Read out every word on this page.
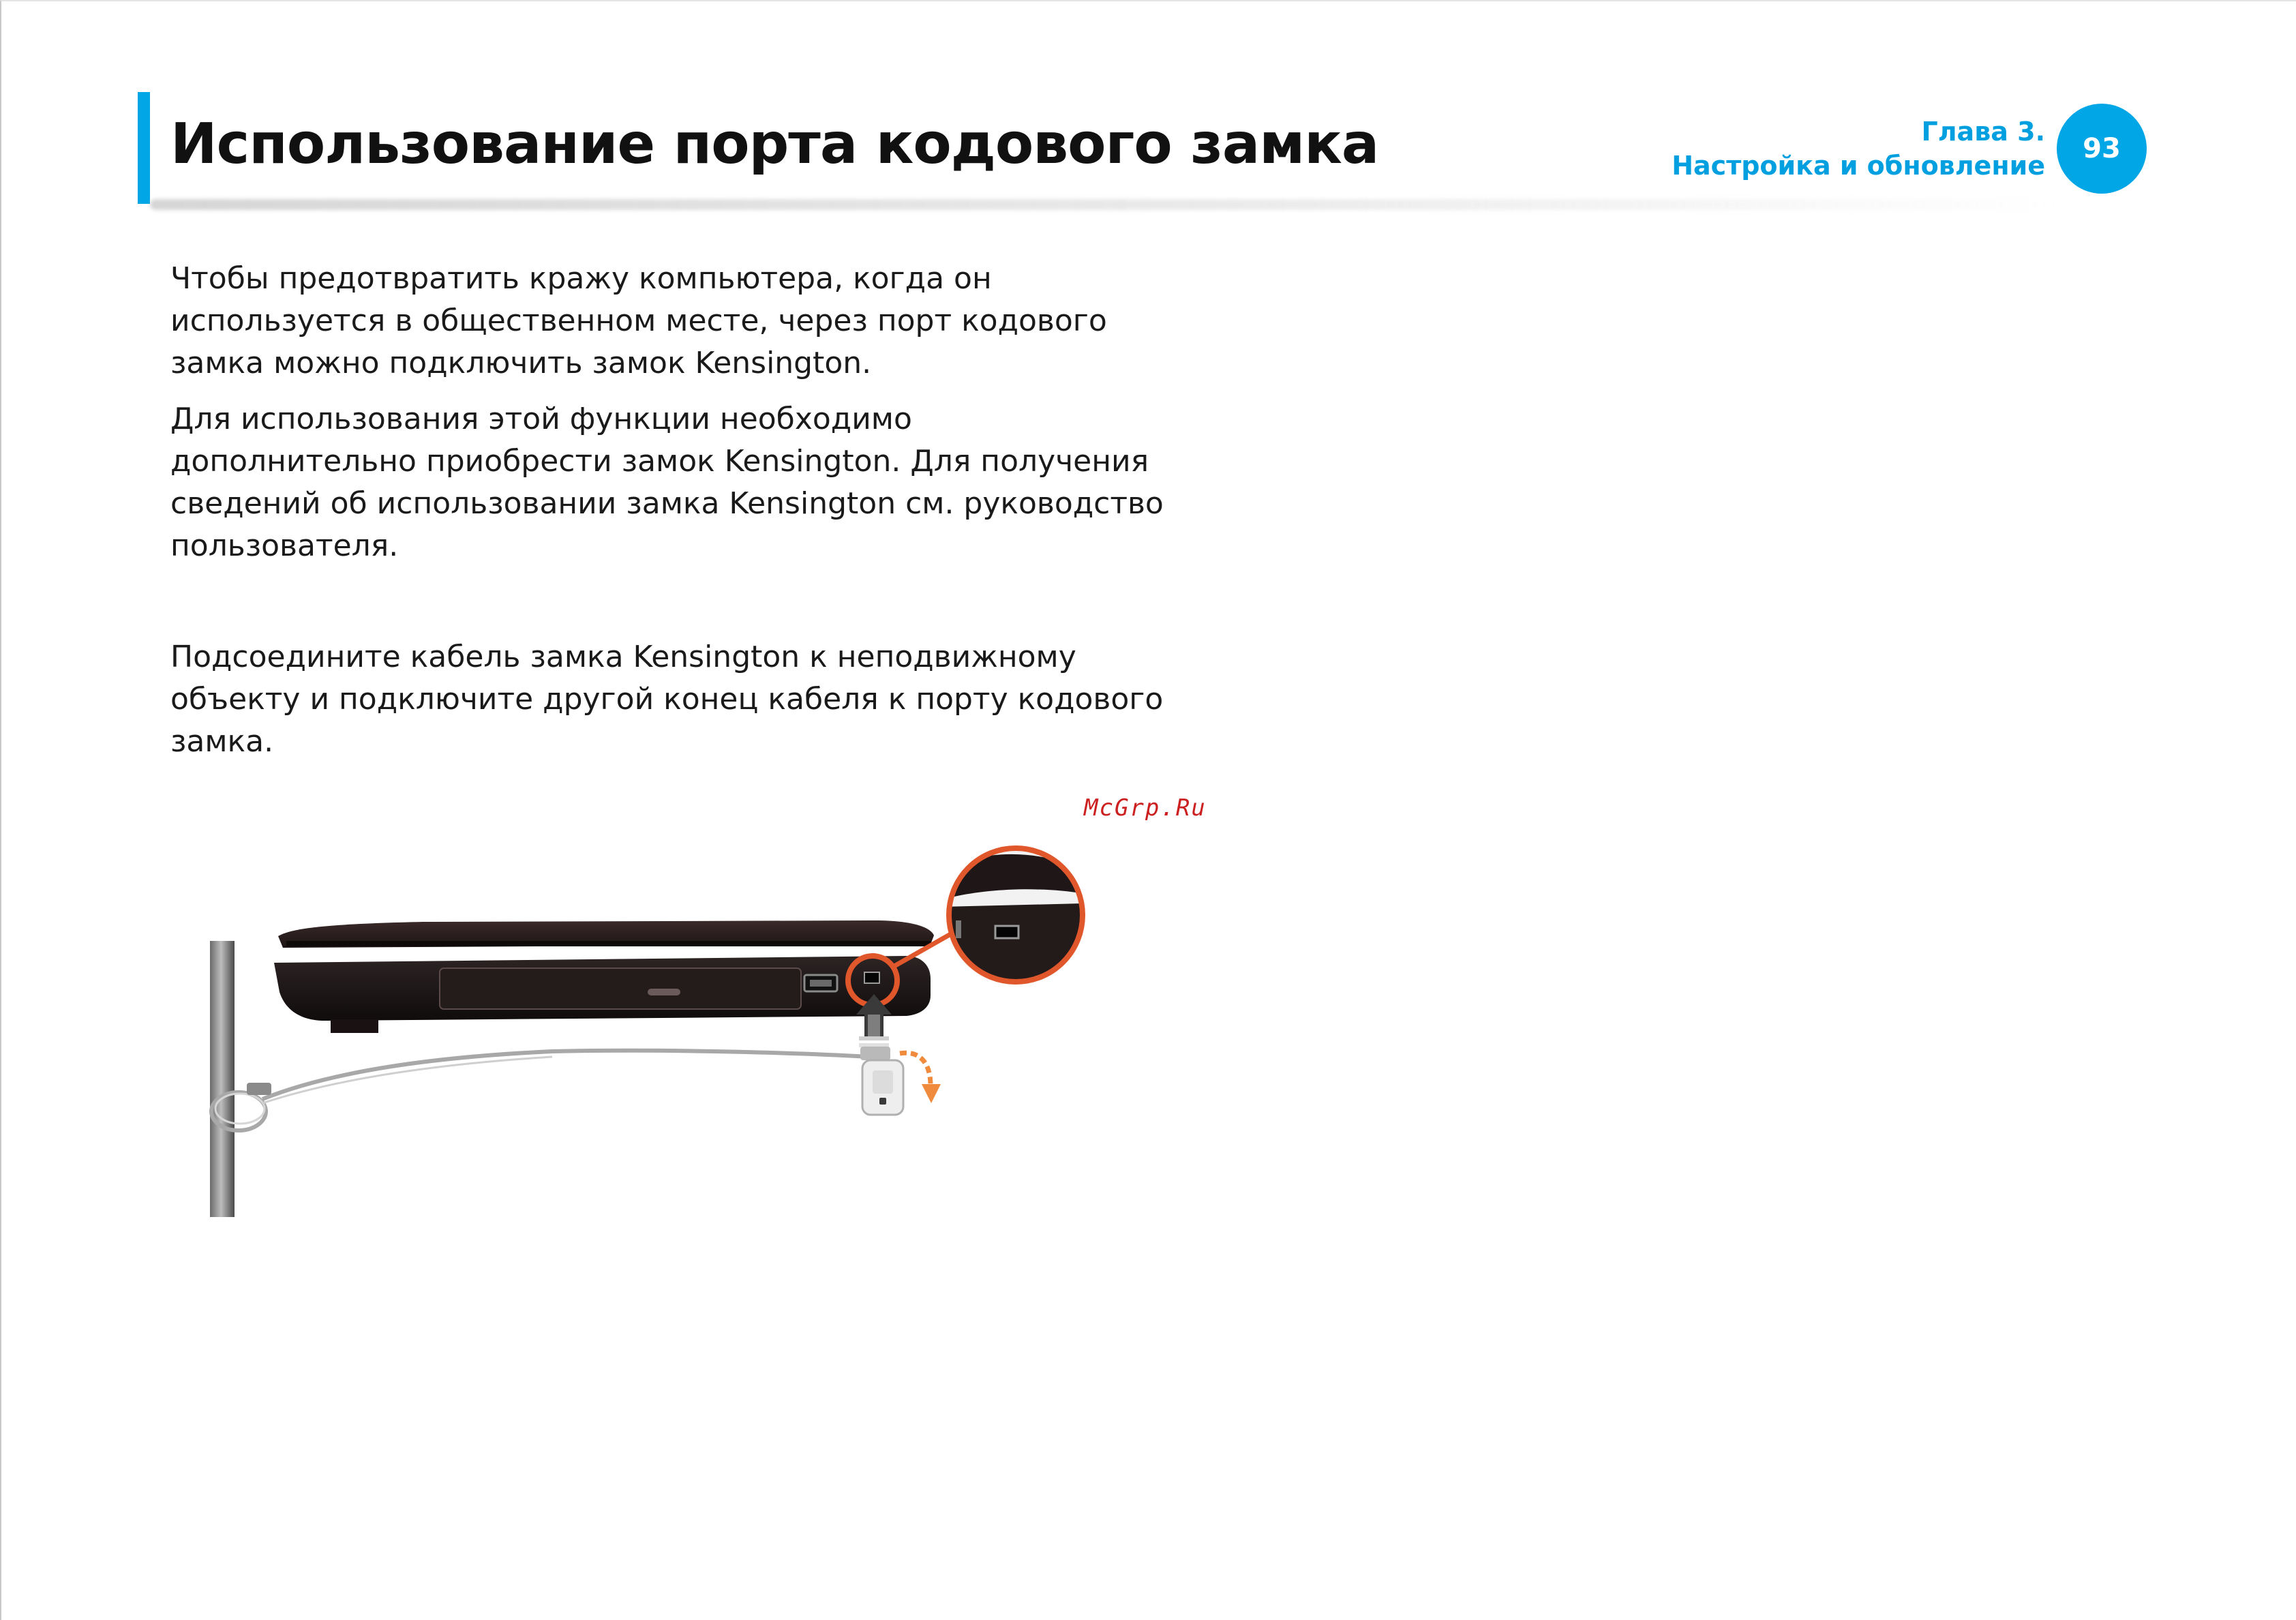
Использование порта кодового замка	Глава 3.
Настройка и обновление
93

Чтобы предотвратить кражу компьютера, когда он используется в общественном месте, через порт кодового замка можно подключить замок Kensington.

Для использования этой функции необходимо дополнительно приобрести замок Kensington. Для получения сведений об использовании замка Kensington см. руководство пользователя.

Подсоедините кабель замка Kensington к неподвижному объекту и подключите другой конец кабеля к порту кодового замка.

McGrp.Ru
